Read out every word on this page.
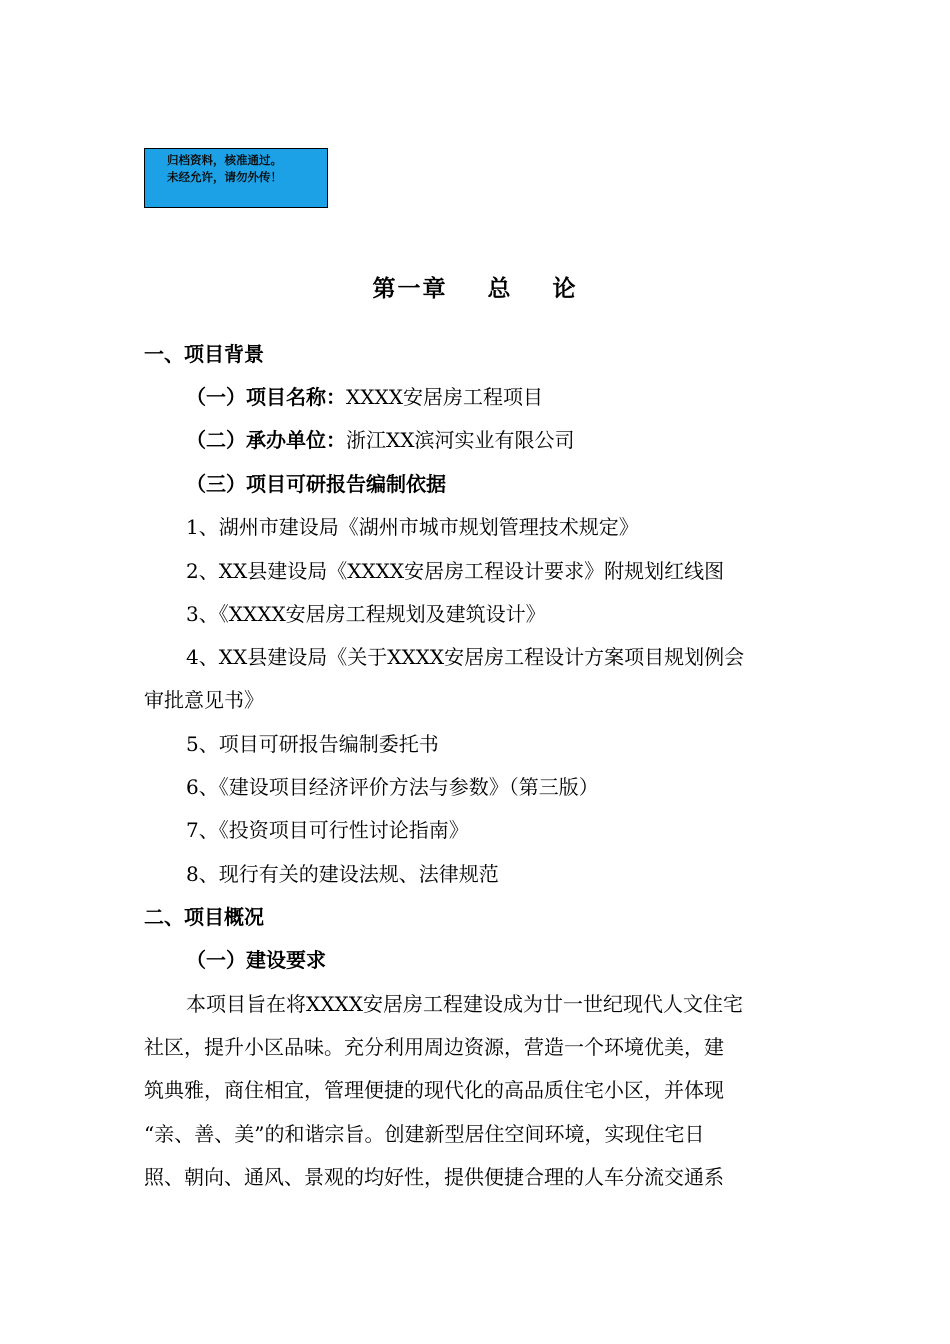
归档资料，核准通过。
未经允许，请勿外传！
第一章    总    论
一、项目背景
（一）项目名称：XXXX安居房工程项目
（二）承办单位：浙江XX滨河实业有限公司
（三）项目可研报告编制依据
1、湖州市建设局《湖州市城市规划管理技术规定》
2、XX县建设局《XXXX安居房工程设计要求》附规划红线图
3、《XXXX安居房工程规划及建筑设计》
4、XX县建设局《关于XXXX安居房工程设计方案项目规划例会
审批意见书》
5、项目可研报告编制委托书
6、《建设项目经济评价方法与参数》（第三版）
7、《投资项目可行性讨论指南》
8、现行有关的建设法规、法律规范
二、项目概况
（一）建设要求
本项目旨在将XXXX安居房工程建设成为廿一世纪现代人文住宅
社区，提升小区品味。充分利用周边资源，营造一个环境优美，建
筑典雅，商住相宜，管理便捷的现代化的高品质住宅小区，并体现
“亲、善、美”的和谐宗旨。创建新型居住空间环境，实现住宅日
照、朝向、通风、景观的均好性，提供便捷合理的人车分流交通系
